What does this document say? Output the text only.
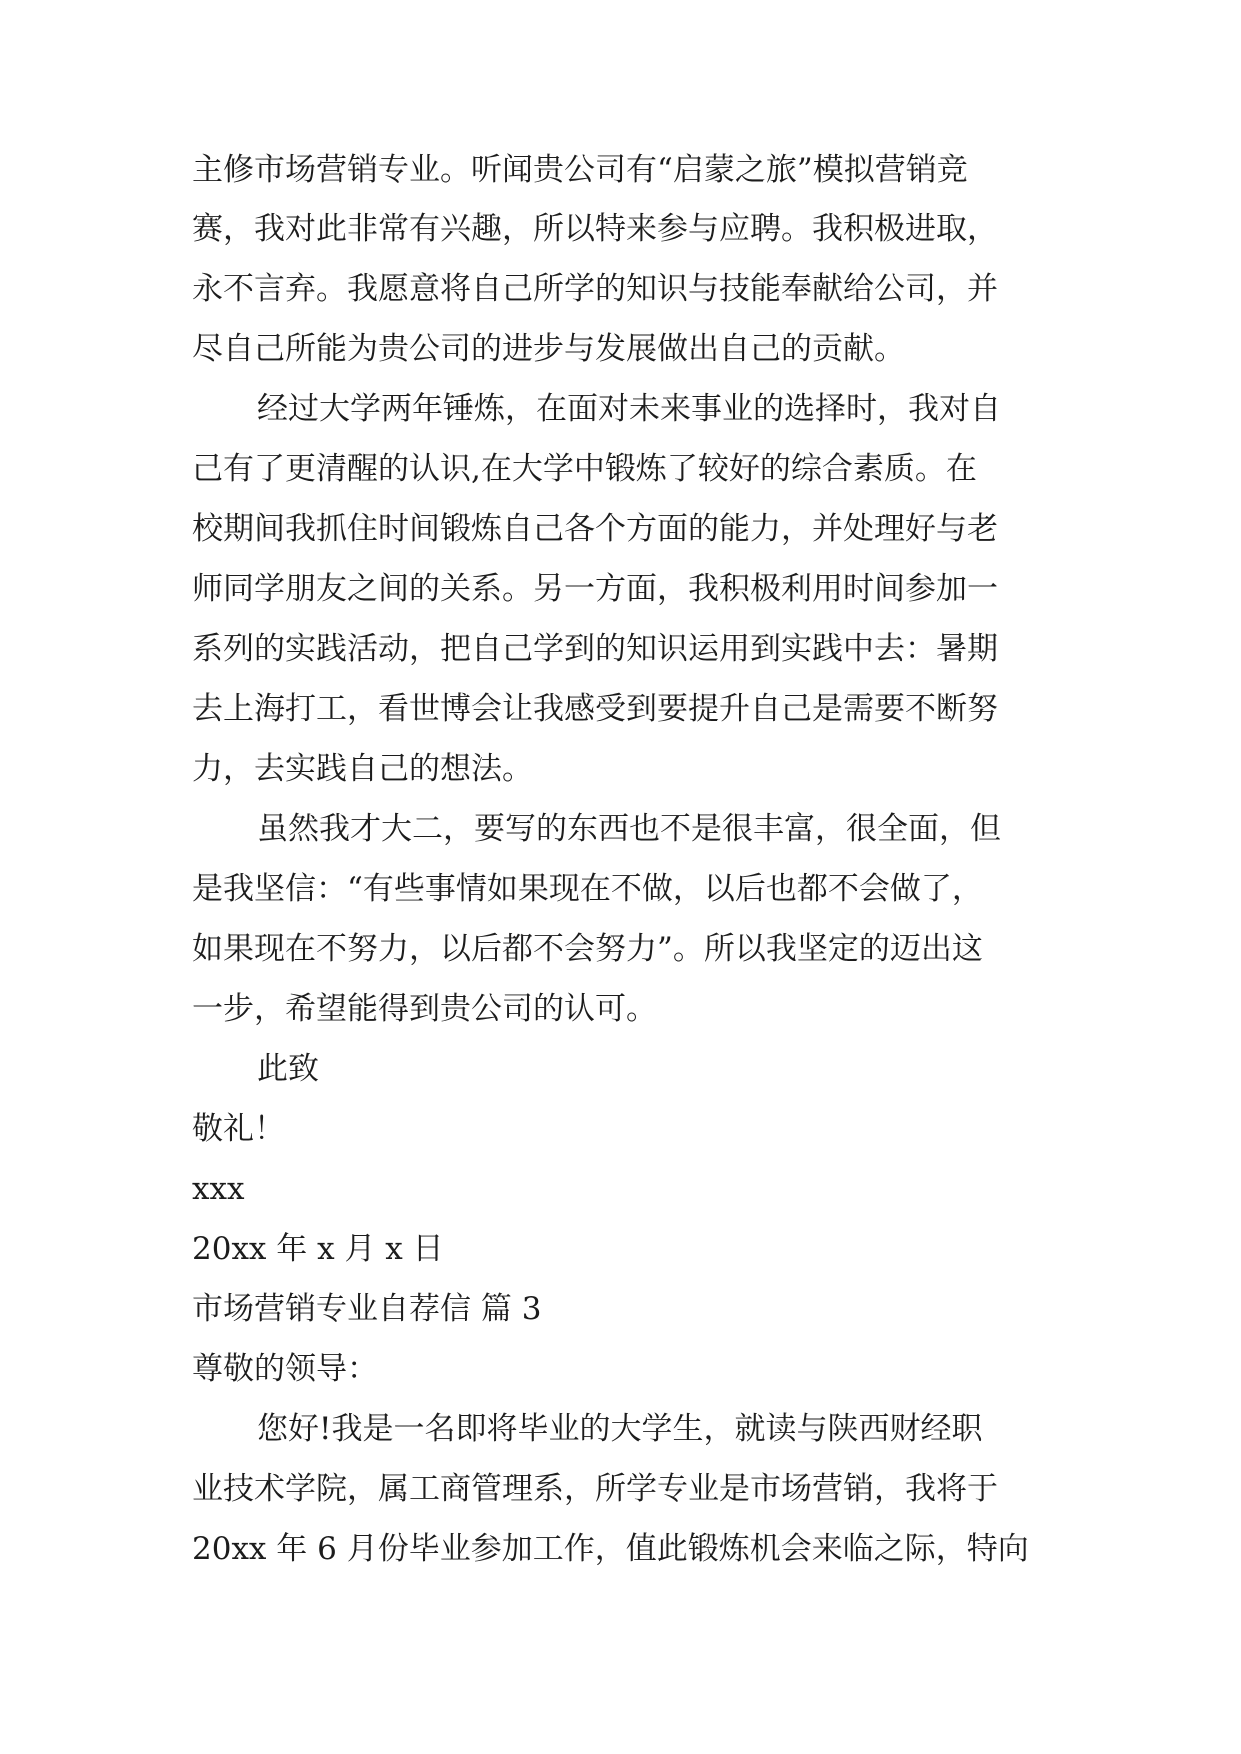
主修市场营销专业。听闻贵公司有“启蒙之旅”模拟营销竞

赛，我对此非常有兴趣，所以特来参与应聘。我积极进取，

永不言弃。我愿意将自己所学的知识与技能奉献给公司，并

尽自己所能为贵公司的进步与发展做出自己的贡献。

经过大学两年锤炼，在面对未来事业的选择时，我对自

己有了更清醒的认识,在大学中锻炼了较好的综合素质。在

校期间我抓住时间锻炼自己各个方面的能力，并处理好与老

师同学朋友之间的关系。另一方面，我积极利用时间参加一

系列的实践活动，把自己学到的知识运用到实践中去：暑期

去上海打工，看世博会让我感受到要提升自己是需要不断努

力，去实践自己的想法。

虽然我才大二，要写的东西也不是很丰富，很全面，但

是我坚信：“有些事情如果现在不做，以后也都不会做了，

如果现在不努力，以后都不会努力”。所以我坚定的迈出这

一步，希望能得到贵公司的认可。

此致

敬礼！

xxx

20xx 年 x 月 x 日

市场营销专业自荐信 篇 3

尊敬的领导：

您好!我是一名即将毕业的大学生，就读与陕西财经职

业技术学院，属工商管理系，所学专业是市场营销，我将于

20xx 年 6 月份毕业参加工作，值此锻炼机会来临之际，特向
